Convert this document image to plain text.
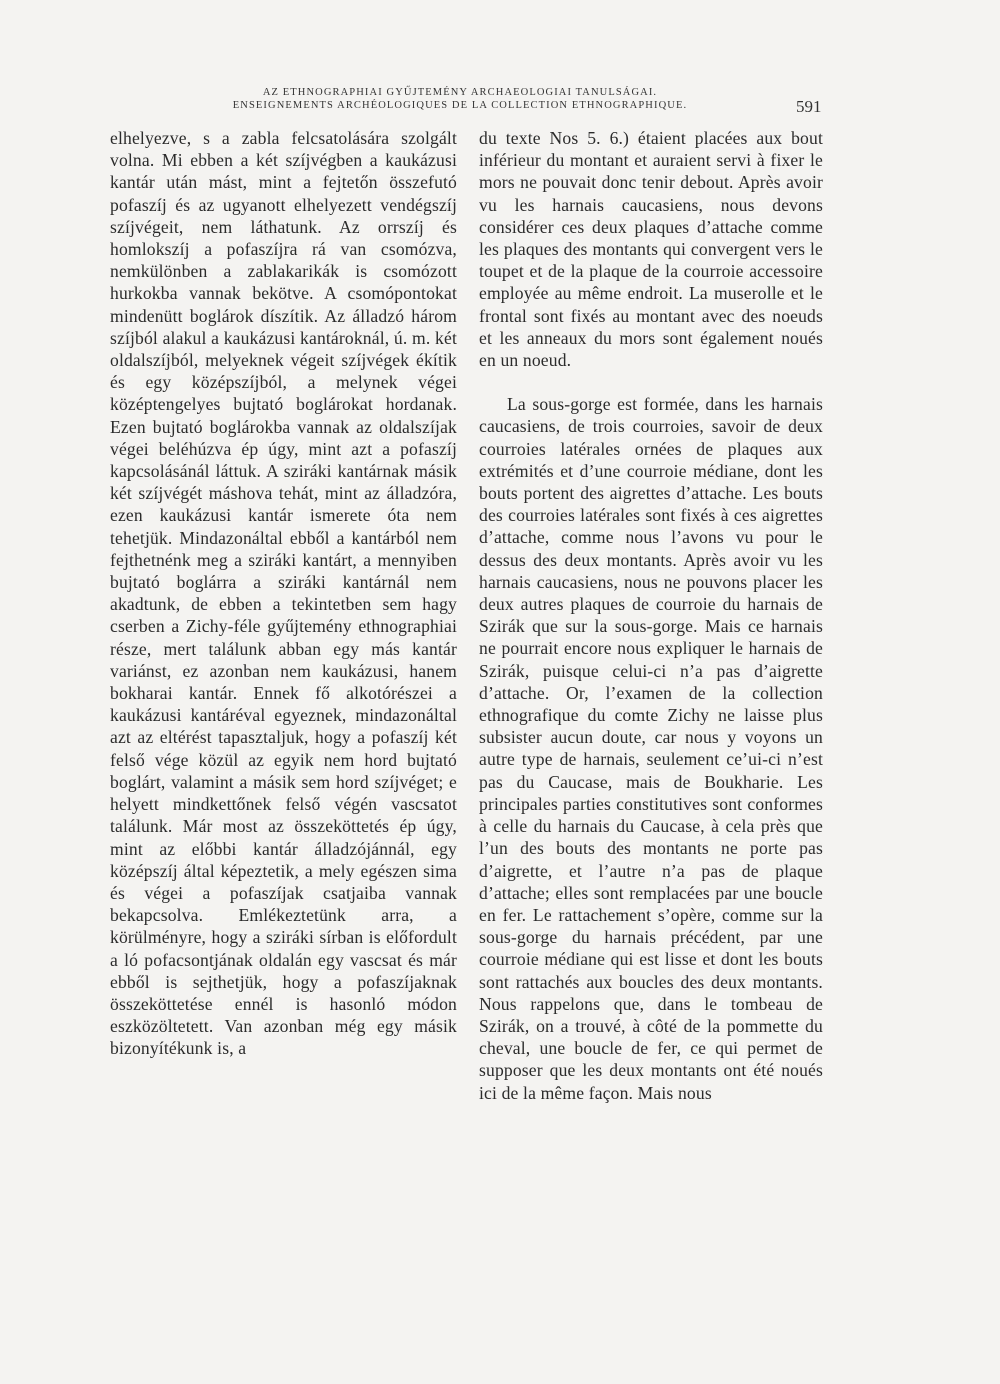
AZ ETHNOGRAPHIAI GYŰJTEMÉNY ARCHAEOLOGIAI TANULSÁGAI.
ENSEIGNEMENTS ARCHÉOLOGIQUES DE LA COLLECTION ETHNOGRAPHIQUE.	591

elhelyezve, s a zabla felcsatolására szolgált volna. Mi ebben a két szíjvégben a kaukázusi kantár után mást, mint a fejtetőn összefutó pofaszíj és az ugyanott elhelyezett vendégszíj szíjvégeit, nem láthatunk. Az orrszíj és homlokszíj a pofaszíjra rá van csomózva, nemkülönben a zablakarikák is csomózott hurkokba vannak bekötve. A csomópontokat mindenütt boglárok díszítik. Az álladzó három szíjból alakul a kaukázusi kantároknál, ú. m. két oldalszíjból, melyeknek végeit szíjvégek ékítik és egy középszíjból, a melynek végei középtengelyes bujtató boglárokat hordanak. Ezen bujtató boglárokba vannak az oldalszíjak végei beléhúzva ép úgy, mint azt a pofaszíj kapcsolásánál láttuk. A sziráki kantárnak másik két szíjvégét máshova tehát, mint az álladzóra, ezen kaukázusi kantár ismerete óta nem tehetjük. Mindazonáltal ebből a kantárból nem fejthetnénk meg a sziráki kantárt, a mennyiben bujtató boglárra a sziráki kantárnál nem akadtunk, de ebben a tekintetben sem hagy cserben a Zichy-féle gyűjtemény ethnographiai része, mert találunk abban egy más kantár variánst, ez azonban nem kaukázusi, hanem bokharai kantár. Ennek fő alkotórészei a kaukázusi kantáréval egyeznek, mindazonáltal azt az eltérést tapasztaljuk, hogy a pofaszíj két felső vége közül az egyik nem hord bujtató boglárt, valamint a másik sem hord szíjvéget; e helyett mindkettőnek felső végén vascsatot találunk. Már most az összeköttetés ép úgy, mint az előbbi kantár álladzójánnál, egy középszíj által képeztetik, a mely egészen sima és végei a pofaszíjak csatjaiba vannak bekapcsolva. Emlékeztetünk arra, a körülményre, hogy a sziráki sírban is előfordult a ló pofacsontjának oldalán egy vascsat és már ebből is sejthetjük, hogy a pofaszíjaknak összeköttetése ennél is hasonló módon eszközöltetett. Van azonban még egy másik bizonyítékunk is, a

du texte Nos 5. 6.) étaient placées aux bout inférieur du montant et auraient servi à fixer le mors ne pouvait donc tenir debout. Après avoir vu les harnais caucasiens, nous devons considérer ces deux plaques d’attache comme les plaques des montants qui convergent vers le toupet et de la plaque de la courroie accessoire employée au même endroit. La muserolle et le frontal sont fixés au montant avec des noeuds et les anneaux du mors sont également noués en un noeud.

La sous-gorge est formée, dans les harnais caucasiens, de trois courroies, savoir de deux courroies latérales ornées de plaques aux extrémités et d’une courroie médiane, dont les bouts portent des aigrettes d’attache. Les bouts des courroies latérales sont fixés à ces aigrettes d’attache, comme nous l’avons vu pour le dessus des deux montants. Après avoir vu les harnais caucasiens, nous ne pouvons placer les deux autres plaques de courroie du harnais de Szirák que sur la sous-gorge. Mais ce harnais ne pourrait encore nous expliquer le harnais de Szirák, puisque celui-ci n’a pas d’aigrette d’attache. Or, l’examen de la collection ethnografique du comte Zichy ne laisse plus subsister aucun doute, car nous y voyons un autre type de harnais, seulement ce’ui-ci n’est pas du Caucase, mais de Boukharie. Les principales parties constitutives sont conformes à celle du harnais du Caucase, à cela près que l’un des bouts des montants ne porte pas d’aigrette, et l’autre n’a pas de plaque d’attache; elles sont remplacées par une boucle en fer. Le rattachement s’opère, comme sur la sous-gorge du harnais précédent, par une courroie médiane qui est lisse et dont les bouts sont rattachés aux boucles des deux montants. Nous rappelons que, dans le tombeau de Szirák, on a trouvé, à côté de la pommette du cheval, une boucle de fer, ce qui permet de supposer que les deux montants ont été noués ici de la même façon. Mais nous
